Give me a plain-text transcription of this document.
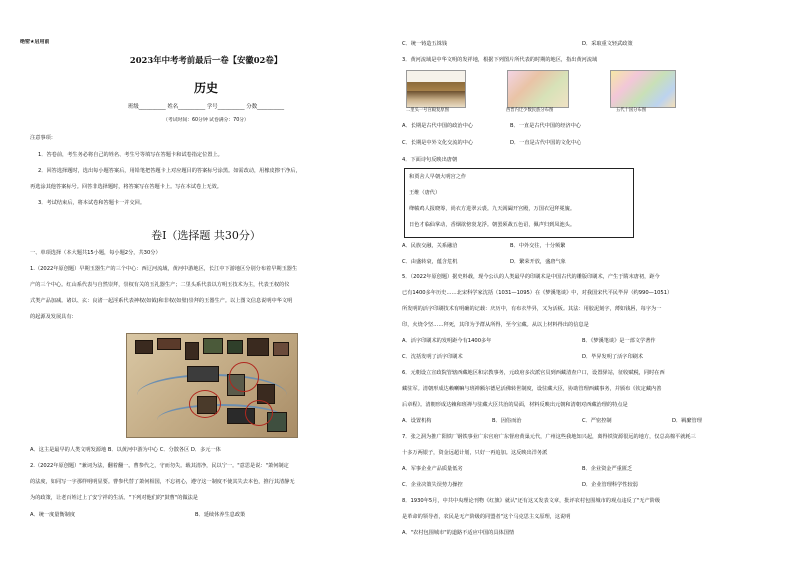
绝密★启用前
2023年中考考前最后一卷【安徽02卷】
历史
班级__________ 姓名__________ 学号__________ 分数__________
（考试时间：60分钟 试卷满分：70分）
注意事项：
1．答卷前，考生务必将自己的姓名、考生号等填写在答题卡和试卷指定位置上。
2．回答选择题时，选出每小题答案后，用铅笔把答题卡上对应题目的答案标号涂黑。如需改动，用橡皮擦干净后，
再选涂其他答案标号。回答非选择题时，将答案写在答题卡上。写在本试卷上无效。
3．考试结束后，将本试卷和答题卡一并交回。
卷Ⅰ（选择题 共30分）
一、单项选择（本大题共15小题，每小题2分，共30分）
1.（2022年原创题）早期玉器生产的三个中心：西辽河流域，黄河中游地区，长江中下游地区分别分布着早期玉器生
产的三个中心。红山系代表与自然崇拜，崇权有关的玉礼器生产；二里头系代表以方明玉技术为主，代表王权的仪
式类产品加减。诸以、玄：良渚一起淫系代表神权(如钺)和非权(如璧)崇拜的玉器生产。以上图文信息说明中华文明
的起源及发展具有：
A．这主是最早的人类文明发源地 B．以黄河中游为中心 C．分散各区 D．多元一体
2.（2022年原创题）"兼词为法，翻着翻一。曹参代之，守而勿失。载其清净，民以宁一。"意思是说："萧何制定
的法度，如同写一字那样明明显要。曹参代替了萧何相国，不忘初心，遵守这一制度不使其失去本色，推行其清静无
为的政策，让老百姓过上了安宁祥的生活。"下列对他们的"鼓曹"的做法是
A．统一度量衡制度	B．延续休养生息政策
C．统一铸造五铢钱	D．采取重文轻武政策
3．黄河流域是中华文明的发祥地，根据下列图片所代表的时期的地区，指出黄河流域
二里头一号宫殿复原图	西晋内迁少数民族分布图	五代十国分布图
A．长期是古代中国的政治中心	B．一直是古代中国的经济中心
C．长期是中外文化交流的中心	D．一直是古代中国的文化中心
4．下面诗句反映出唐朝
和贾舍人早朝大明宫之作
王维（唐代）
绛帻鸡人报晓筹，尚衣方进翠云裘。九天阊阖开宫殿，万国衣冠拜冕旒。
日色才临仙掌动，香烟欲傍衮龙浮。朝罢须裁五色诏，佩声归到凤池头。
A．民族交融，关系融洽	B．中外交往，十分频繁
C．由盛转衰，蕴含危机	D．繁荣开放，盛唐气象
5．（2022年原创题）据史料载，现今公认的人类最早的印刷术是中国古代的雕版印刷术，产生于隋末唐初，距今
已有1400多年历史……北宋科学家沈括（1031—1095）在《梦溪笔谈》中，对我国宋代平民毕昇（约990—1051）
所发明的活字印刷技术有明确的记载：庆历中，有布衣毕昇，又为活板。其法：用胶泥刻字，薄如钱唇，每字为一
印，火烧令坚……拜死，其印为予群从所得，至今宝藏。从以上材料得出的信息是
A．活字印刷术的发明距今有1400多年	B．《梦溪笔谈》是一部文学著作
C．沈括发明了活字印刷术	D．毕昇发明了活字印刷术
6．元朝设立宣政院管辖西藏地区和宗教事务，元政府多次派官员到西藏清查户口，设置驿站，征收赋税，同时在西
藏驻军。清朝形成达赖喇嘛与班禅额尔德尼活佛转世制度，设驻藏大臣，协助管理西藏事务，并颁布《钦定藏内善
后章程》。清朝形成达赖和班禅与驻藏大臣共治的局面，材料反映出元朝和清朝对西藏治理的特点是
A．设置机构	B．因俗而治	C．严密控制	D．羁縻管理
7．张之洞为推广阳铁厂钢铁事业广东官府广东督府黄巢元代，广州这些我地知兴起，离得铁资源很远的地方，仅总高棉平就耗三
十多万两银子，资金远超计划，只好一再追加。这反映出洋务派
A．军事企业产品质量低劣	B．企业资金严重匮乏
C．企业决策失误势力操控	D．企业管理科学性较弱
8．1930年5月，中共中央理论刊物《红旗》就认"还有这又发表文章，批评农村包围城市的观点违反了"无产阶级
是革命的领导者，农民是无产阶级的同盟者"这个马克思主义原理，这说明
A．"农村包围城市"的道路不适应中国的具体国情
